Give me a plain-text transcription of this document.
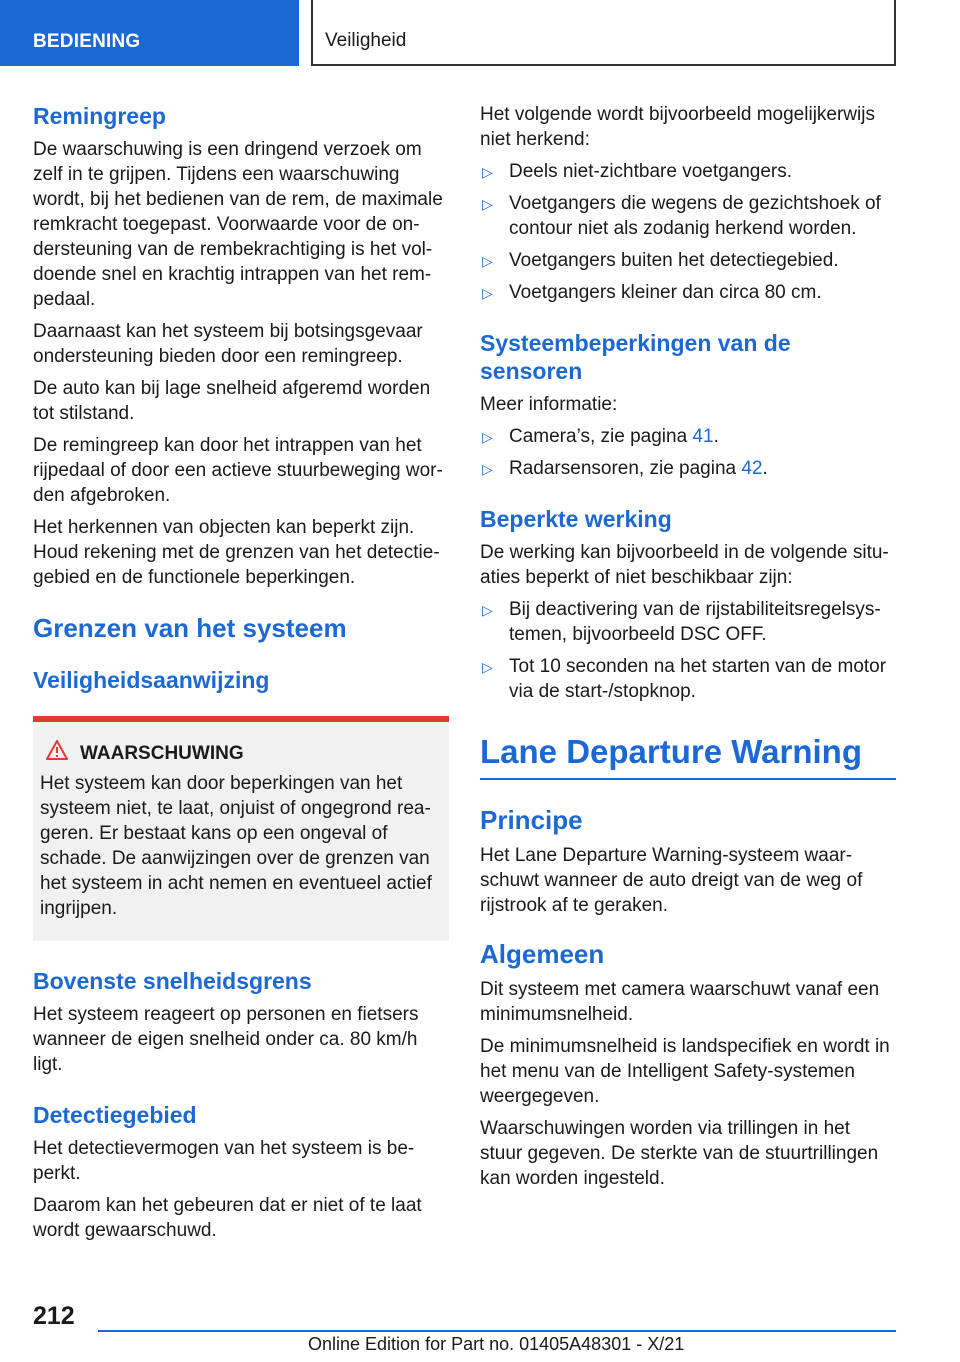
BEDIENING	Veiligheid
Remingreep
De waarschuwing is een dringend verzoek om zelf in te grijpen. Tijdens een waarschuwing wordt, bij het bedienen van de rem, de maximale remkracht toegepast. Voorwaarde voor de ondersteuning van de rembekrachtiging is het voldoende snel en krachtig intrappen van het rempedaal.
Daarnaast kan het systeem bij botsingsgevaar ondersteuning bieden door een remingreep.
De auto kan bij lage snelheid afgeremd worden tot stilstand.
De remingreep kan door het intrappen van het rijpedaal of door een actieve stuurbeweging worden afgebroken.
Het herkennen van objecten kan beperkt zijn. Houd rekening met de grenzen van het detectiegebied en de functionele beperkingen.
Grenzen van het systeem
Veiligheidsaanwijzing
WAARSCHUWING
Het systeem kan door beperkingen van het systeem niet, te laat, onjuist of ongegrond reageren. Er bestaat kans op een ongeval of schade. De aanwijzingen over de grenzen van het systeem in acht nemen en eventueel actief ingrijpen.
Bovenste snelheidsgrens
Het systeem reageert op personen en fietsers wanneer de eigen snelheid onder ca. 80 km/h ligt.
Detectiegebied
Het detectievermogen van het systeem is beperkt.
Daarom kan het gebeuren dat er niet of te laat wordt gewaarschuwd.
Het volgende wordt bijvoorbeeld mogelijkerwijs niet herkend:
▷ Deels niet-zichtbare voetgangers.
▷ Voetgangers die wegens de gezichtshoek of contour niet als zodanig herkend worden.
▷ Voetgangers buiten het detectiegebied.
▷ Voetgangers kleiner dan circa 80 cm.
Systeembeperkingen van de sensoren
Meer informatie:
▷ Camera’s, zie pagina 41.
▷ Radarsensoren, zie pagina 42.
Beperkte werking
De werking kan bijvoorbeeld in de volgende situaties beperkt of niet beschikbaar zijn:
▷ Bij deactivering van de rijstabiliteitsregelsystemen, bijvoorbeeld DSC OFF.
▷ Tot 10 seconden na het starten van de motor via de start-/stopknop.
Lane Departure Warning
Principe
Het Lane Departure Warning-systeem waarschuwt wanneer de auto dreigt van de weg of rijstrook af te geraken.
Algemeen
Dit systeem met camera waarschuwt vanaf een minimumsnelheid.
De minimumsnelheid is landspecifiek en wordt in het menu van de Intelligent Safety-systemen weergegeven.
Waarschuwingen worden via trillingen in het stuur gegeven. De sterkte van de stuurtrillingen kan worden ingesteld.
212
Online Edition for Part no. 01405A48301 - X/21
